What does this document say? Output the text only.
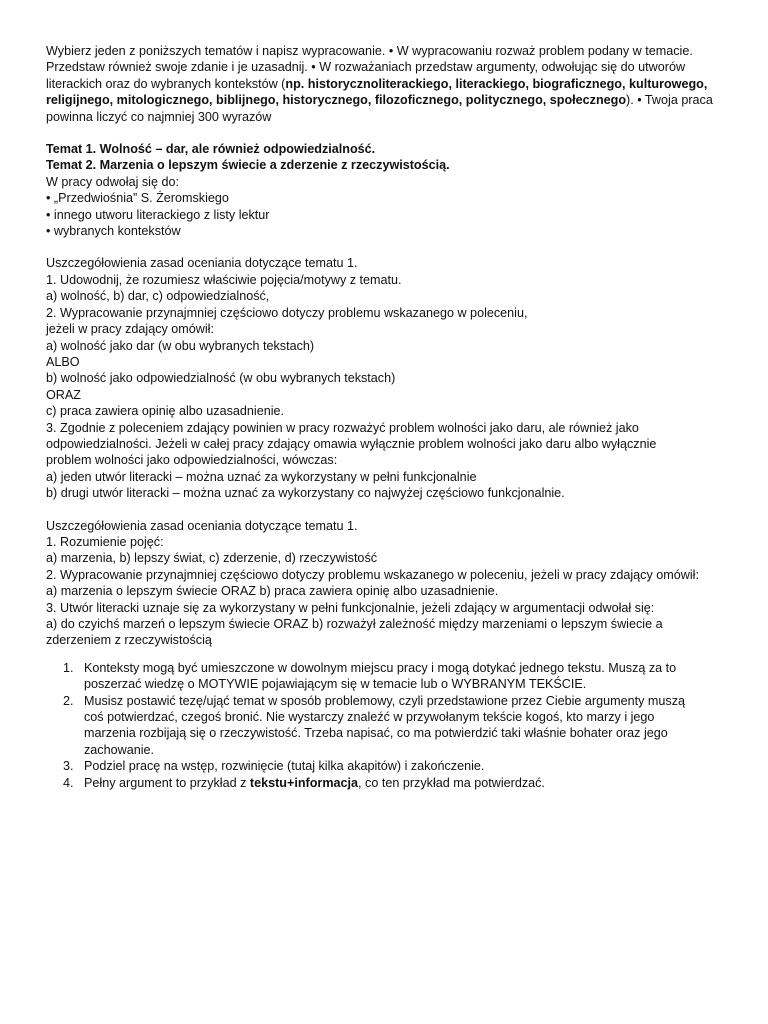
Wybierz jeden z poniższych tematów i napisz wypracowanie. • W wypracowaniu rozważ problem podany w temacie.
Przedstaw również swoje zdanie i je uzasadnij. • W rozważaniach przedstaw argumenty, odwołując się do utworów
literackich oraz do wybranych kontekstów (np. historycznoliterackiego, literackiego, biograficznego, kulturowego,
religijnego, mitologicznego, biblijnego, historycznego, filozoficznego, politycznego, społecznego). • Twoja praca
powinna liczyć co najmniej 300 wyrazów
Temat 1. Wolność – dar, ale również odpowiedzialność.
Temat 2. Marzenia o lepszym świecie a zderzenie z rzeczywistością.
W pracy odwołaj się do:
• „Przedwiośnia” S. Żeromskiego
• innego utworu literackiego z listy lektur
• wybranych kontekstów
Uszczegółowienia zasad oceniania dotyczące tematu 1.
1. Udowodnij, że rozumiesz właściwie pojęcia/motywy z tematu.
a) wolność, b) dar, c) odpowiedzialność,
2. Wypracowanie przynajmniej częściowo dotyczy problemu wskazanego w poleceniu,
jeżeli w pracy zdający omówił:
a) wolność jako dar (w obu wybranych tekstach)
ALBO
b) wolność jako odpowiedzialność (w obu wybranych tekstach)
ORAZ
c) praca zawiera opinię albo uzasadnienie.
3. Zgodnie z poleceniem zdający powinien w pracy rozważyć problem wolności jako daru, ale również jako
odpowiedzialności. Jeżeli w całej pracy zdający omawia wyłącznie problem wolności jako daru albo wyłącznie
problem wolności jako odpowiedzialności, wówczas:
a) jeden utwór literacki – można uznać za wykorzystany w pełni funkcjonalnie
b) drugi utwór literacki – można uznać za wykorzystany co najwyżej częściowo funkcjonalnie.
Uszczegółowienia zasad oceniania dotyczące tematu 1.
1. Rozumienie pojęć:
a) marzenia, b) lepszy świat, c) zderzenie, d) rzeczywistość
2. Wypracowanie przynajmniej częściowo dotyczy problemu wskazanego w poleceniu, jeżeli w pracy zdający omówił:
a) marzenia o lepszym świecie ORAZ b) praca zawiera opinię albo uzasadnienie.
3. Utwór literacki uznaje się za wykorzystany w pełni funkcjonalnie, jeżeli zdający w argumentacji odwołał się:
a) do czyichś marzeń o lepszym świecie ORAZ b) rozważył zależność między marzeniami o lepszym świecie a
zderzeniem z rzeczywistością
1. Konteksty mogą być umieszczone w dowolnym miejscu pracy i mogą dotykać jednego tekstu. Muszą za to
poszerzać wiedzę o MOTYWIE pojawiającym się w temacie lub o WYBRANYM TEKŚCIE.
2. Musisz postawić tezę/ująć temat w sposób problemowy, czyli przedstawione przez Ciebie argumenty muszą
coś potwierdzać, czegoś bronić. Nie wystarczy znaleźć w przywołanym tekście kogoś, kto marzy i jego
marzenia rozbijają się o rzeczywistość. Trzeba napisać, co ma potwierdzić taki właśnie bohater oraz jego
zachowanie.
3. Podziel pracę na wstęp, rozwinięcie (tutaj kilka akapitów) i zakończenie.
4. Pełny argument to przykład z tekstu+informacja, co ten przykład ma potwierdzać.
